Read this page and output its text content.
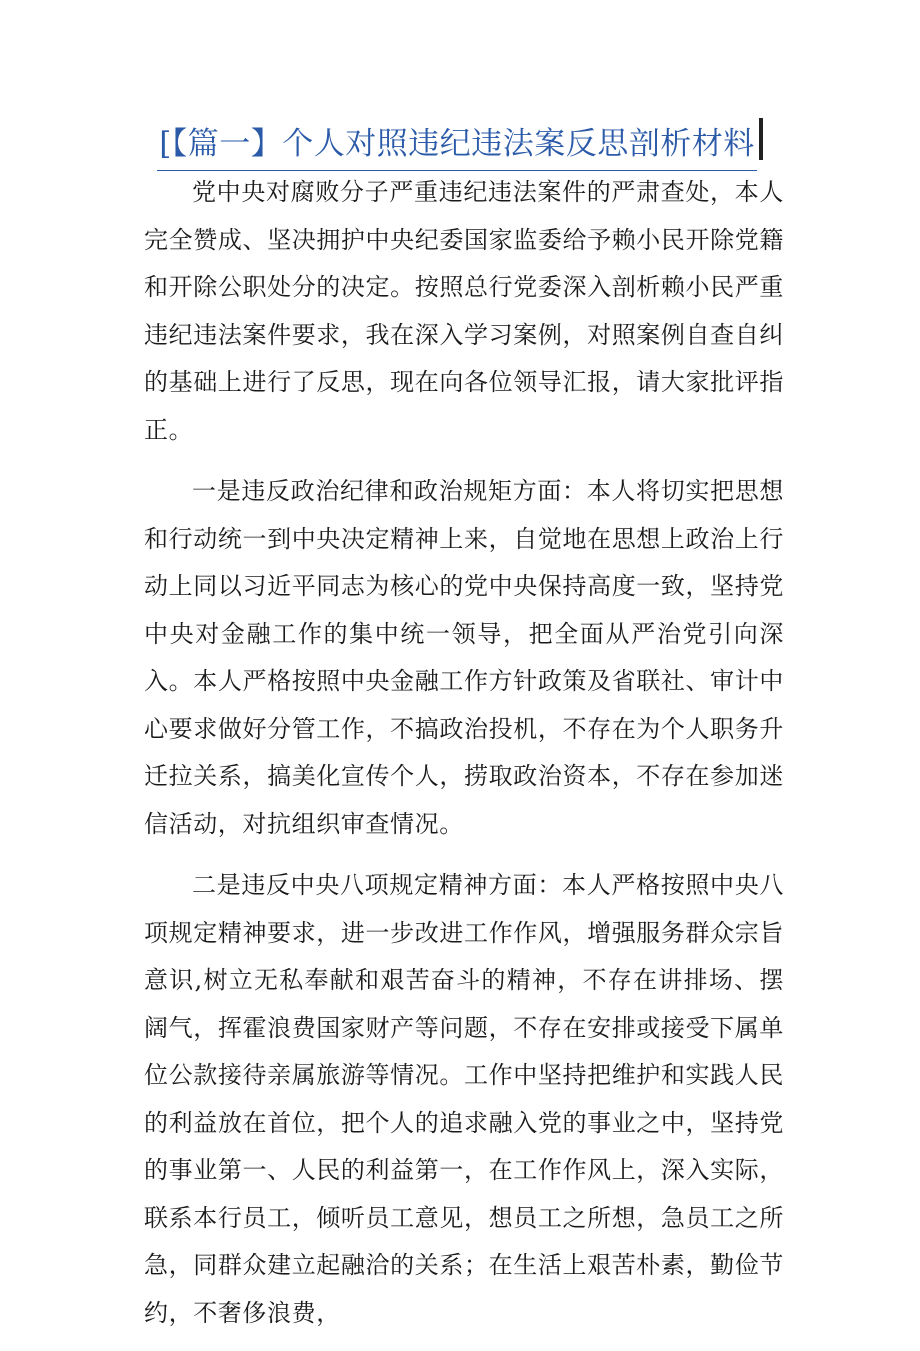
[【篇一】个人对照违纪违法案反思剖析材料

党中央对腐败分子严重违纪违法案件的严肃查处，本人完全赞成、坚决拥护中央纪委国家监委给予赖小民开除党籍和开除公职处分的决定。按照总行党委深入剖析赖小民严重违纪违法案件要求，我在深入学习案例，对照案例自查自纠的基础上进行了反思，现在向各位领导汇报，请大家批评指正。

一是违反政治纪律和政治规矩方面：本人将切实把思想和行动统一到中央决定精神上来，自觉地在思想上政治上行动上同以习近平同志为核心的党中央保持高度一致，坚持党中央对金融工作的集中统一领导，把全面从严治党引向深入。本人严格按照中央金融工作方针政策及省联社、审计中心要求做好分管工作，不搞政治投机，不存在为个人职务升迁拉关系，搞美化宣传个人，捞取政治资本，不存在参加迷信活动，对抗组织审查情况。

二是违反中央八项规定精神方面：本人严格按照中央八项规定精神要求，进一步改进工作作风，增强服务群众宗旨意识,树立无私奉献和艰苦奋斗的精神，不存在讲排场、摆阔气，挥霍浪费国家财产等问题，不存在安排或接受下属单位公款接待亲属旅游等情况。工作中坚持把维护和实践人民的利益放在首位，把个人的追求融入党的事业之中，坚持党的事业第一、人民的利益第一，在工作作风上，深入实际，联系本行员工，倾听员工意见，想员工之所想，急员工之所急，同群众建立起融洽的关系；在生活上艰苦朴素，勤俭节约，不奢侈浪费，
